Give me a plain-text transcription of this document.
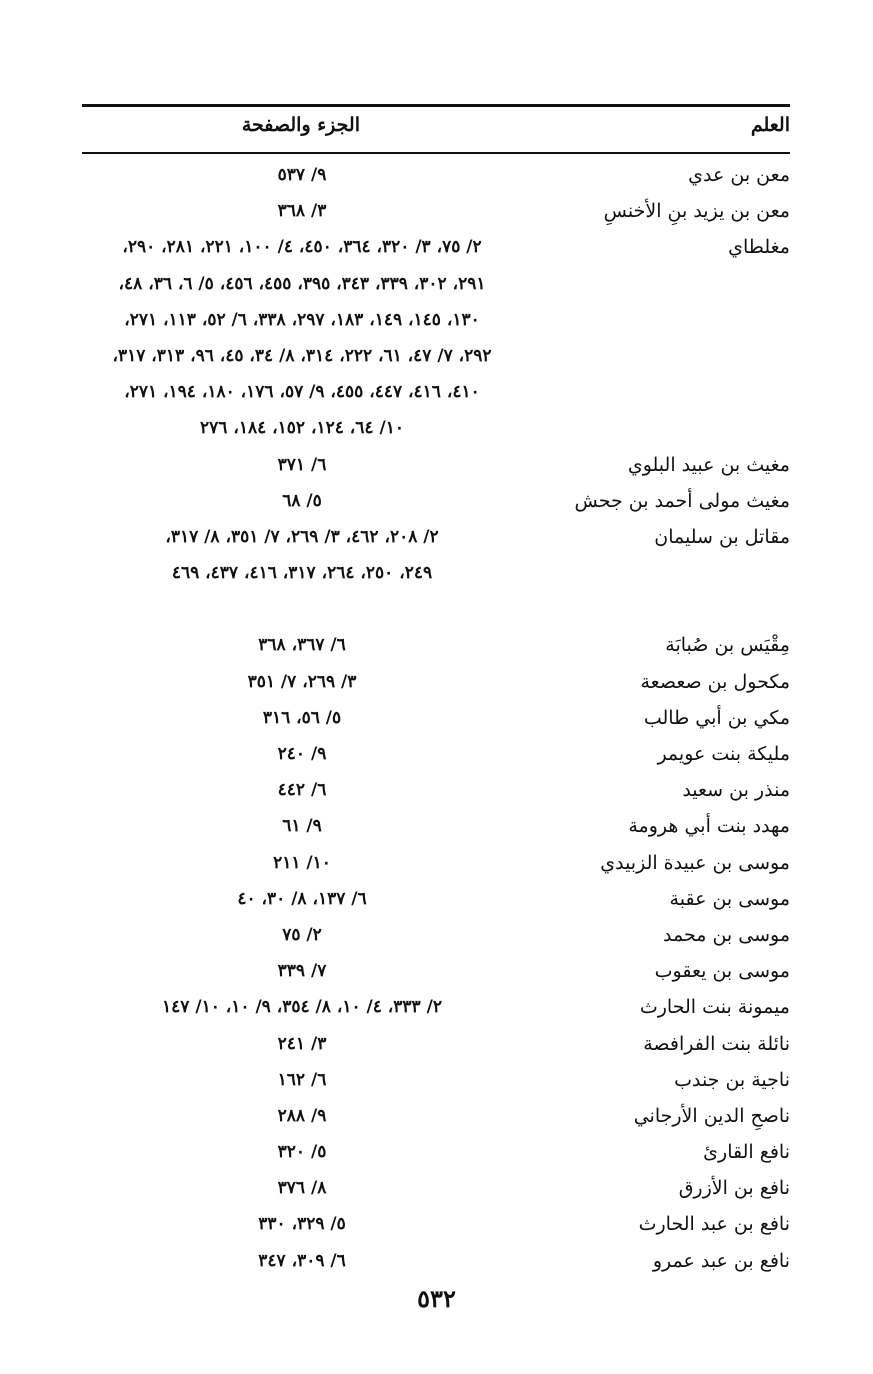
العلم
الجزء والصفحة
معن بن عدي
٩/ ٥٣٧
معن بن يزيد بنِ الأخنسِ
٣/ ٣٦٨
مغلطاي
٢/ ٧٥، ٣/ ٣٢٠، ٣٦٤، ٤٥٠، ٤/ ١٠٠، ٢٢١، ٢٨١، ٢٩٠،
٢٩١، ٣٠٢، ٣٣٩، ٣٤٣، ٣٩٥، ٤٥٥، ٤٥٦، ٥/ ٦، ٣٦، ٤٨،
١٣٠، ١٤٥، ١٤٩، ١٨٣، ٢٩٧، ٣٣٨، ٦/ ٥٢، ١١٣، ٢٧١،
٢٩٢، ٧/ ٤٧، ٦١، ٢٢٢، ٣١٤، ٨/ ٣٤، ٤٥، ٩٦، ٣١٣، ٣١٧،
٤١٠، ٤١٦، ٤٤٧، ٤٥٥، ٩/ ٥٧، ١٧٦، ١٨٠، ١٩٤، ٢٧١،
١٠/ ٦٤، ١٢٤، ١٥٢، ١٨٤، ٢٧٦
مغيث بن عبيد البلوي
٦/ ٣٧١
مغيث مولى أحمد بن جحش
٥/ ٦٨
مقاتل بن سليمان
٢/ ٢٠٨، ٤٦٢، ٣/ ٢٦٩، ٧/ ٣٥١، ٨/ ٣١٧،
٢٤٩، ٢٥٠، ٢٦٤، ٣١٧، ٤١٦، ٤٣٧، ٤٦٩
مِقْيَس بن صُبابَة
٦/ ٣٦٧، ٣٦٨
مكحول بن صعصعة
٣/ ٢٦٩، ٧/ ٣٥١
مكي بن أبي طالب
٥/ ٥٦، ٣١٦
مليكة بنت عويمر
٩/ ٢٤٠
منذر بن سعيد
٦/ ٤٤٢
مهدد بنت أبي هرومة
٩/ ٦١
موسى بن عبيدة الزبيدي
١٠/ ٢١١
موسى بن عقبة
٦/ ١٣٧، ٨/ ٣٠، ٤٠
موسى بن محمد
٢/ ٧٥
موسى بن يعقوب
٧/ ٣٣٩
ميمونة بنت الحارث
٢/ ٣٣٣، ٤/ ١٠، ٨/ ٣٥٤، ٩/ ١٠، ١٠/ ١٤٧
نائلة بنت الفرافصة
٣/ ٢٤١
ناجية بن جندب
٦/ ١٦٢
ناصحِ الدين الأرجاني
٩/ ٢٨٨
نافع القارئ
٥/ ٣٢٠
نافع بن الأزرق
٨/ ٣٧٦
نافع بن عبد الحارث
٥/ ٣٢٩، ٣٣٠
نافع بن عبد عمرو
٦/ ٣٠٩، ٣٤٧
٥٣٢
